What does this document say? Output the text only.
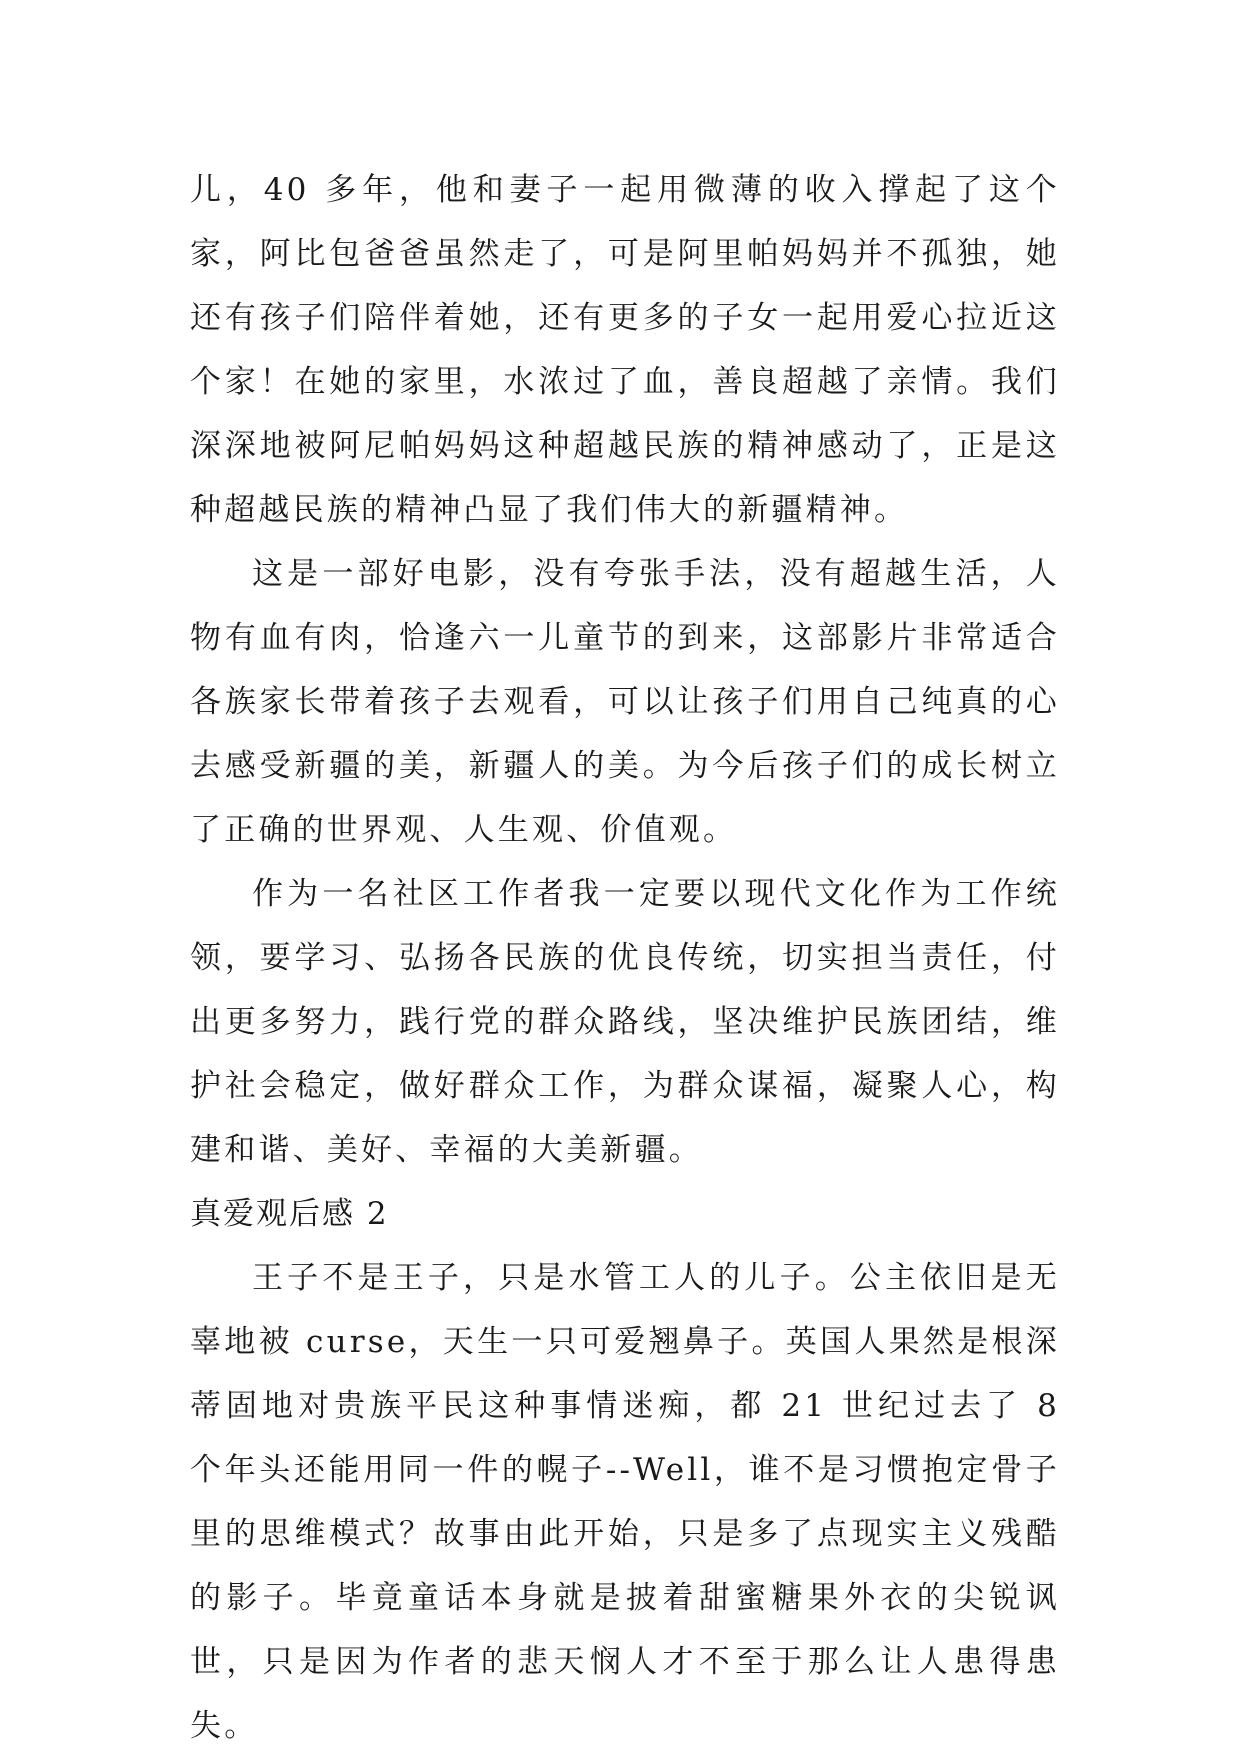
儿，40 多年，他和妻子一起用微薄的收入撑起了这个家，阿比包爸爸虽然走了，可是阿里帕妈妈并不孤独，她还有孩子们陪伴着她，还有更多的子女一起用爱心拉近这个家！在她的家里，水浓过了血，善良超越了亲情。我们深深地被阿尼帕妈妈这种超越民族的精神感动了，正是这种超越民族的精神凸显了我们伟大的新疆精神。

这是一部好电影，没有夸张手法，没有超越生活，人物有血有肉，恰逢六一儿童节的到来，这部影片非常适合各族家长带着孩子去观看，可以让孩子们用自己纯真的心去感受新疆的美，新疆人的美。为今后孩子们的成长树立了正确的世界观、人生观、价值观。

作为一名社区工作者我一定要以现代文化作为工作统领，要学习、弘扬各民族的优良传统，切实担当责任，付出更多努力，践行党的群众路线，坚决维护民族团结，维护社会稳定，做好群众工作，为群众谋福，凝聚人心，构建和谐、美好、幸福的大美新疆。

真爱观后感 2

王子不是王子，只是水管工人的儿子。公主依旧是无辜地被 curse，天生一只可爱翘鼻子。英国人果然是根深蒂固地对贵族平民这种事情迷痴，都 21 世纪过去了 8 个年头还能用同一件的幌子--Well，谁不是习惯抱定骨子里的思维模式？故事由此开始，只是多了点现实主义残酷的影子。毕竟童话本身就是披着甜蜜糖果外衣的尖锐讽世，只是因为作者的悲天悯人才不至于那么让人患得患失。
